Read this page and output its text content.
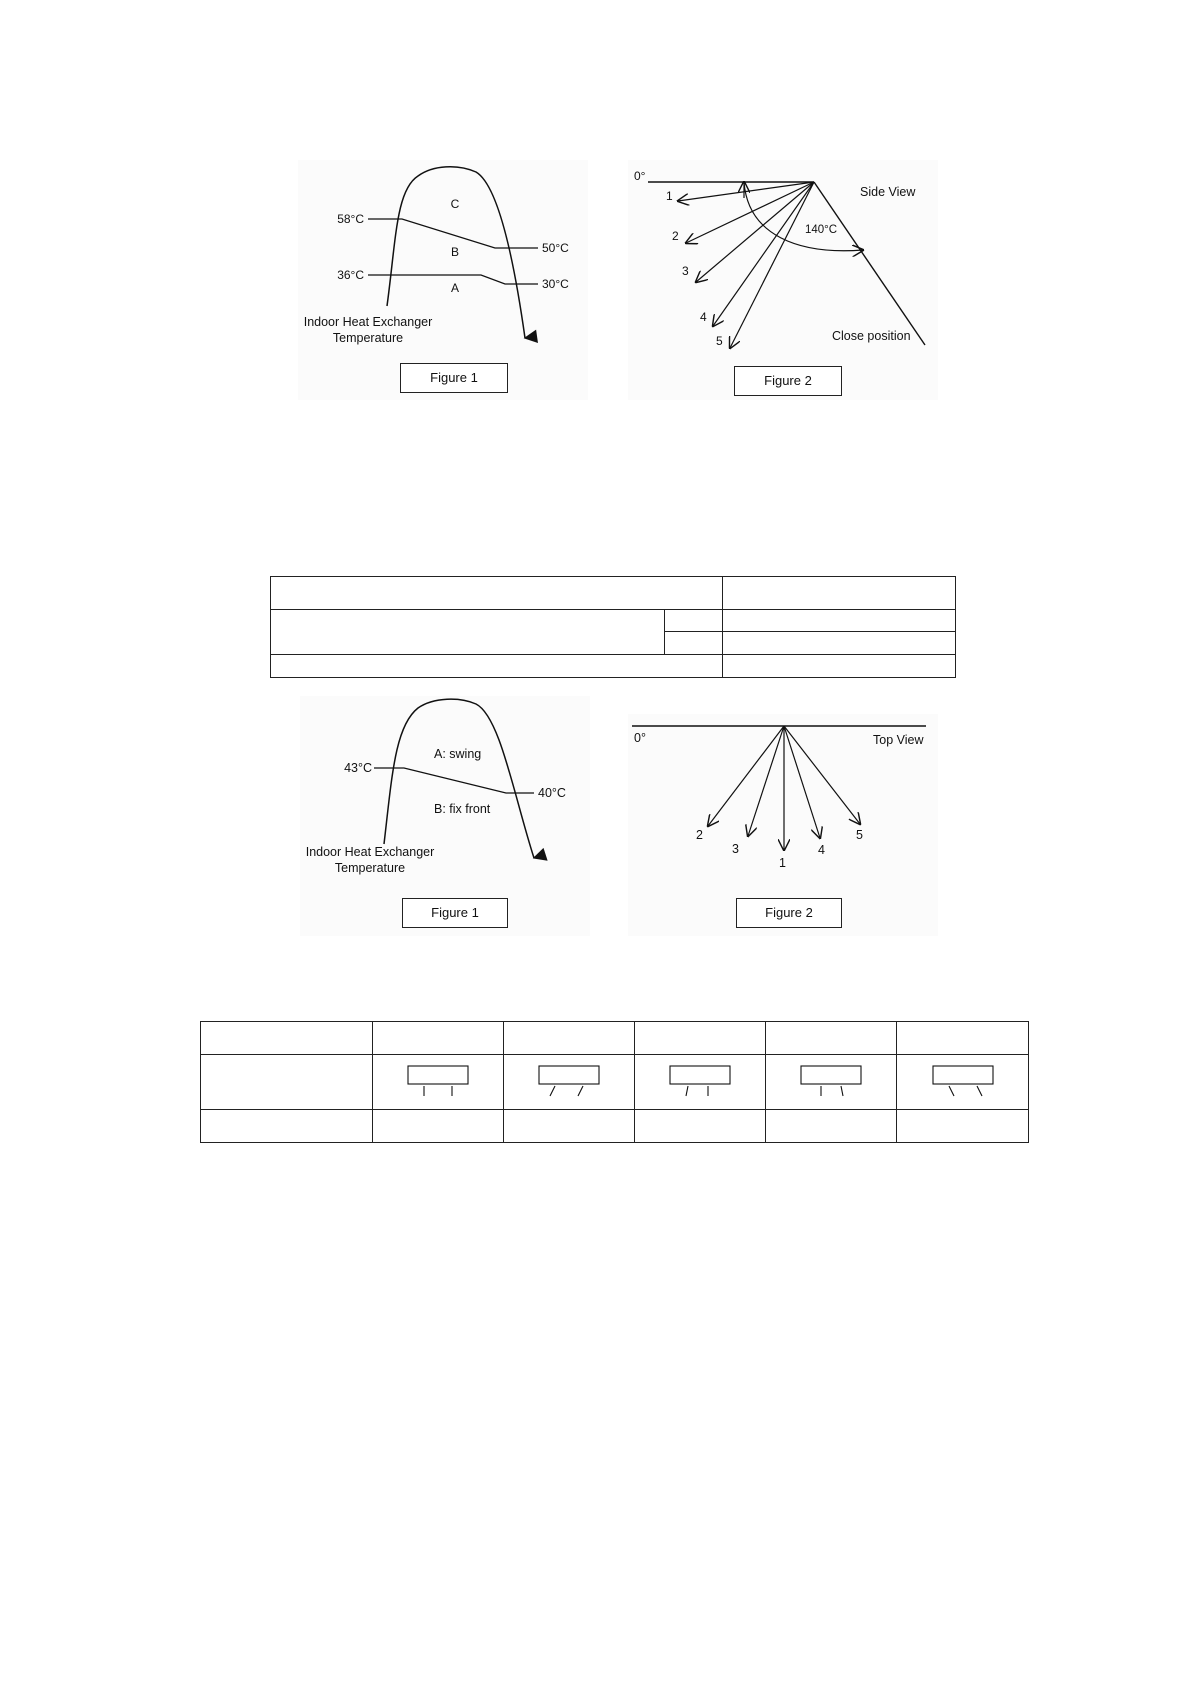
C
B
A
58°C
50°C
36°C
30°C
Indoor Heat Exchanger
Temperature
Figure 1
0°
Side View
140°C
Close position
1
2
3
4
5
Figure 2

A: swing
B: fix front
43°C
40°C
Indoor Heat Exchanger
Temperature
Figure 1
0°	Top View
2
3
1
4
5
Figure 2
